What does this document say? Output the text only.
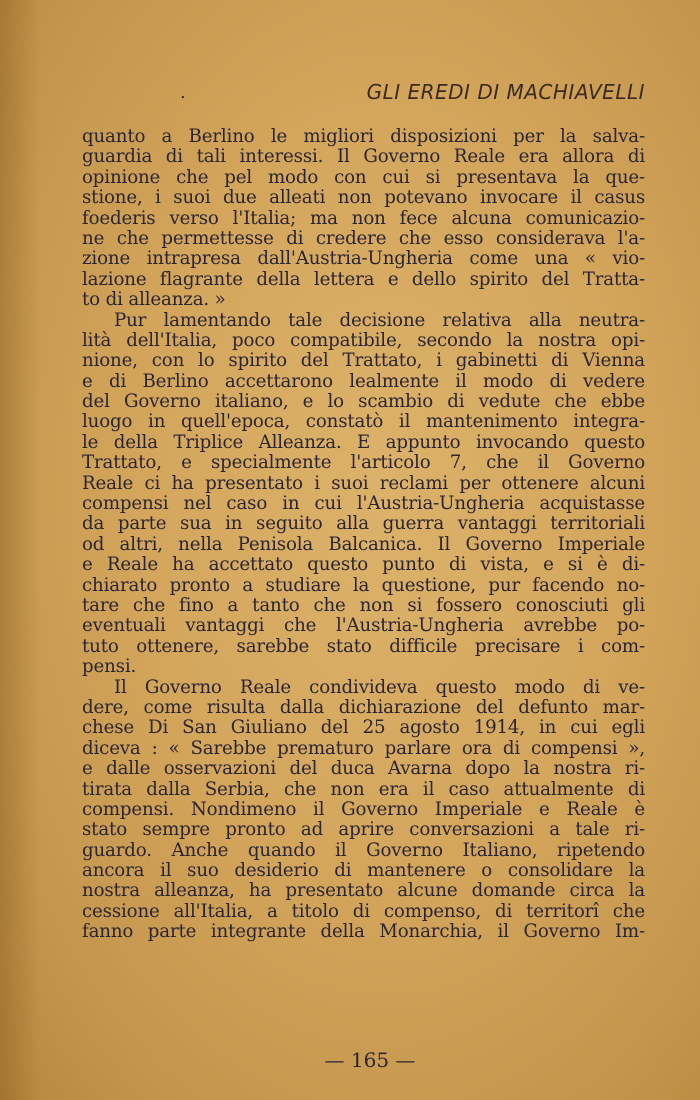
.	GLI EREDI DI MACHIAVELLI
quanto a Berlino le migliori disposizioni per la salva-
guardia di tali interessi. Il Governo Reale era allora di
opinione che pel modo con cui si presentava la que-
stione, i suoi due alleati non potevano invocare il casus
foederis verso l'Italia; ma non fece alcuna comunicazio-
ne che permettesse di credere che esso considerava l'a-
zione intrapresa dall'Austria-Ungheria come una « vio-
lazione flagrante della lettera e dello spirito del Tratta-
to di alleanza. »
Pur lamentando tale decisione relativa alla neutra-
lità dell'Italia, poco compatibile, secondo la nostra opi-
nione, con lo spirito del Trattato, i gabinetti di Vienna
e di Berlino accettarono lealmente il modo di vedere
del Governo italiano, e lo scambio di vedute che ebbe
luogo in quell'epoca, constatò il mantenimento integra-
le della Triplice Alleanza. È appunto invocando questo
Trattato, e specialmente l'articolo 7, che il Governo
Reale ci ha presentato i suoi reclami per ottenere alcuni
compensi nel caso in cui l'Austria-Ungheria acquistasse
da parte sua in seguito alla guerra vantaggi territoriali
od altri, nella Penisola Balcanica. Il Governo Imperiale
e Reale ha accettato questo punto di vista, e si è di-
chiarato pronto a studiare la questione, pur facendo no-
tare che fino a tanto che non si fossero conosciuti gli
eventuali vantaggi che l'Austria-Ungheria avrebbe po-
tuto ottenere, sarebbe stato difficile precisare i com-
pensi.
Il Governo Reale condivideva questo modo di ve-
dere, come risulta dalla dichiarazione del defunto mar-
chese Di San Giuliano del 25 agosto 1914, in cui egli
diceva : « Sarebbe prematuro parlare ora di compensi »,
e dalle osservazioni del duca Avarna dopo la nostra ri-
tirata dalla Serbia, che non era il caso attualmente di
compensi. Nondimeno il Governo Imperiale e Reale è
stato sempre pronto ad aprire conversazioni a tale ri-
guardo. Anche quando il Governo Italiano, ripetendo
ancora il suo desiderio di mantenere o consolidare la
nostra alleanza, ha presentato alcune domande circa la
cessione all'Italia, a titolo di compenso, di territorî che
fanno parte integrante della Monarchia, il Governo Im-
— 165 —
